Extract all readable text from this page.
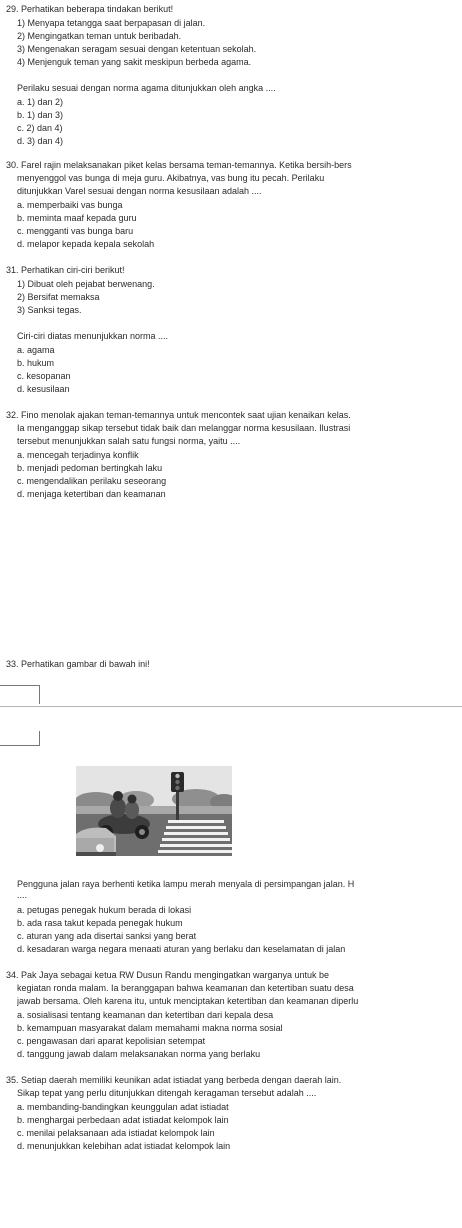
29. Perhatikan beberapa tindakan berikut!
1) Menyapa tetangga saat berpapasan di jalan.
2) Mengingatkan teman untuk beribadah.
3) Mengenakan seragam sesuai dengan ketentuan sekolah.
4) Menjenguk teman yang sakit meskipun berbeda agama.
Perilaku sesuai dengan norma agama ditunjukkan oleh angka ....
a. 1) dan 2)
b. 1) dan 3)
c. 2) dan 4)
d. 3) dan 4)
30. Farel rajin melaksanakan piket kelas bersama teman-temannya. Ketika bersih-bers
menyenggol vas bunga di meja guru. Akibatnya, vas bung itu pecah. Perilaku
ditunjukkan Varel sesuai dengan norma kesusilaan adalah ....
a. memperbaiki vas bunga
b. meminta maaf kepada guru
c. mengganti vas bunga baru
d. melapor kepada kepala sekolah
31. Perhatikan ciri-ciri berikut!
1) Dibuat oleh pejabat berwenang.
2) Bersifat memaksa
3) Sanksi tegas.
Ciri-ciri diatas menunjukkan norma ....
a. agama
b. hukum
c. kesopanan
d. kesusilaan
32. Fino menolak ajakan teman-temannya untuk mencontek saat ujian kenaikan kelas.
Ia menganggap sikap tersebut tidak baik dan melanggar norma kesusilaan. Ilustrasi
tersebut menunjukkan salah satu fungsi norma, yaitu ....
a. mencegah terjadinya konflik
b. menjadi pedoman bertingkah laku
c. mengendalikan perilaku seseorang
d. menjaga ketertiban dan keamanan
33. Perhatikan gambar di bawah ini!
Pengguna jalan raya berhenti ketika lampu merah menyala di persimpangan jalan. H
....
a. petugas penegak hukum berada di lokasi
b. ada rasa takut kepada penegak hukum
c. aturan yang ada disertai sanksi yang berat
d. kesadaran warga negara menaati aturan yang berlaku dan keselamatan di jalan
34. Pak Jaya sebagai ketua RW Dusun Randu mengingatkan warganya untuk be
kegiatan ronda malam. Ia beranggapan bahwa keamanan dan ketertiban suatu desa
jawab bersama. Oleh karena itu, untuk menciptakan ketertiban dan keamanan diperlu
a. sosialisasi tentang keamanan dan ketertiban dari kepala desa
b. kemampuan masyarakat dalam memahami makna norma sosial
c. pengawasan dari aparat kepolisian setempat
d. tanggung jawab dalam melaksanakan norma yang berlaku
35. Setiap daerah memiliki keunikan adat istiadat yang berbeda dengan daerah lain.
Sikap tepat yang perlu ditunjukkan ditengah keragaman tersebut adalah ....
a. membanding-bandingkan keunggulan adat istiadat
b. menghargai perbedaan adat istiadat kelompok lain
c. menilai pelaksanaan ada istiadat kelompok lain
d. menunjukkan kelebihan adat istiadat kelompok lain
